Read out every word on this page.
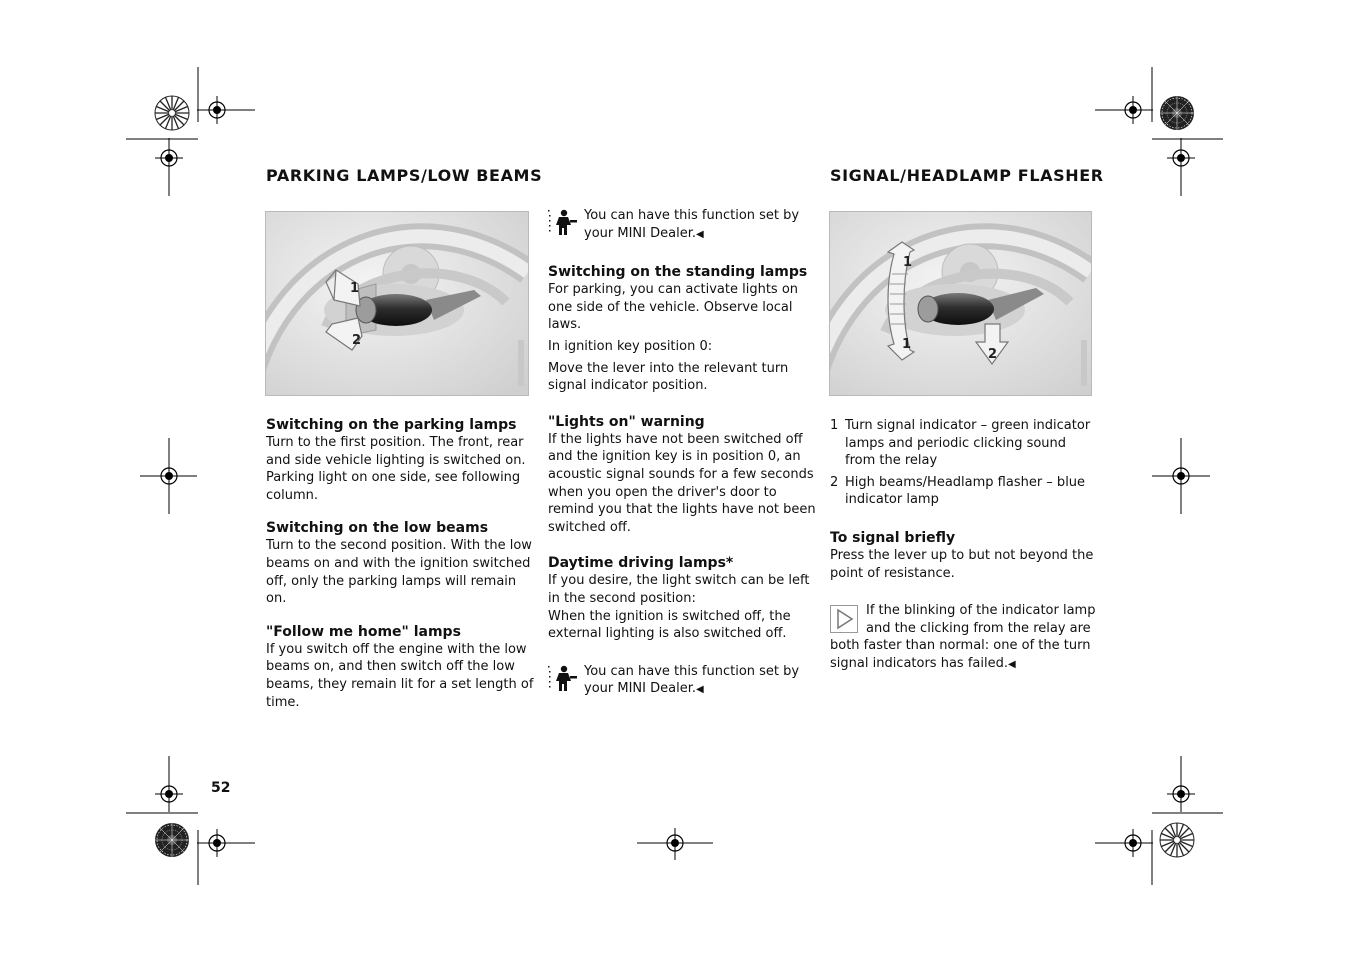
PARKING LAMPS/LOW BEAMS	SIGNAL/HEADLAMP FLASHER
1
2
1
1
2
Switching on the parking lamps

Turn to the first position. The front, rear and side vehicle lighting is switched on. Parking light on one side, see following column.

Switching on the low beams

Turn to the second position. With the low beams on and with the ignition switched off, only the parking lamps will remain on.

"Follow me home" lamps

If you switch off the engine with the low beams on, and then switch off the low beams, they remain lit for a set length of time.

You can have this function set by your MINI Dealer.◀

Switching on the standing lamps

For parking, you can activate lights on one side of the vehicle. Observe local laws.

In ignition key position 0:

Move the lever into the relevant turn signal indicator position.

"Lights on" warning

If the lights have not been switched off and the ignition key is in position 0, an acoustic signal sounds for a few seconds when you open the driver's door to remind you that the lights have not been switched off.

Daytime driving lamps*

If you desire, the light switch can be left in the second position:

When the ignition is switched off, the external lighting is also switched off.

You can have this function set by your MINI Dealer.◀

1 Turn signal indicator – green indicator lamps and periodic clicking sound from the relay
2 High beams/Headlamp flasher – blue indicator lamp
To signal briefly

Press the lever up to but not beyond the point of resistance.

If the blinking of the indicator lamp and the clicking from the relay are

both faster than normal: one of the turn signal indicators has failed.◀

52
